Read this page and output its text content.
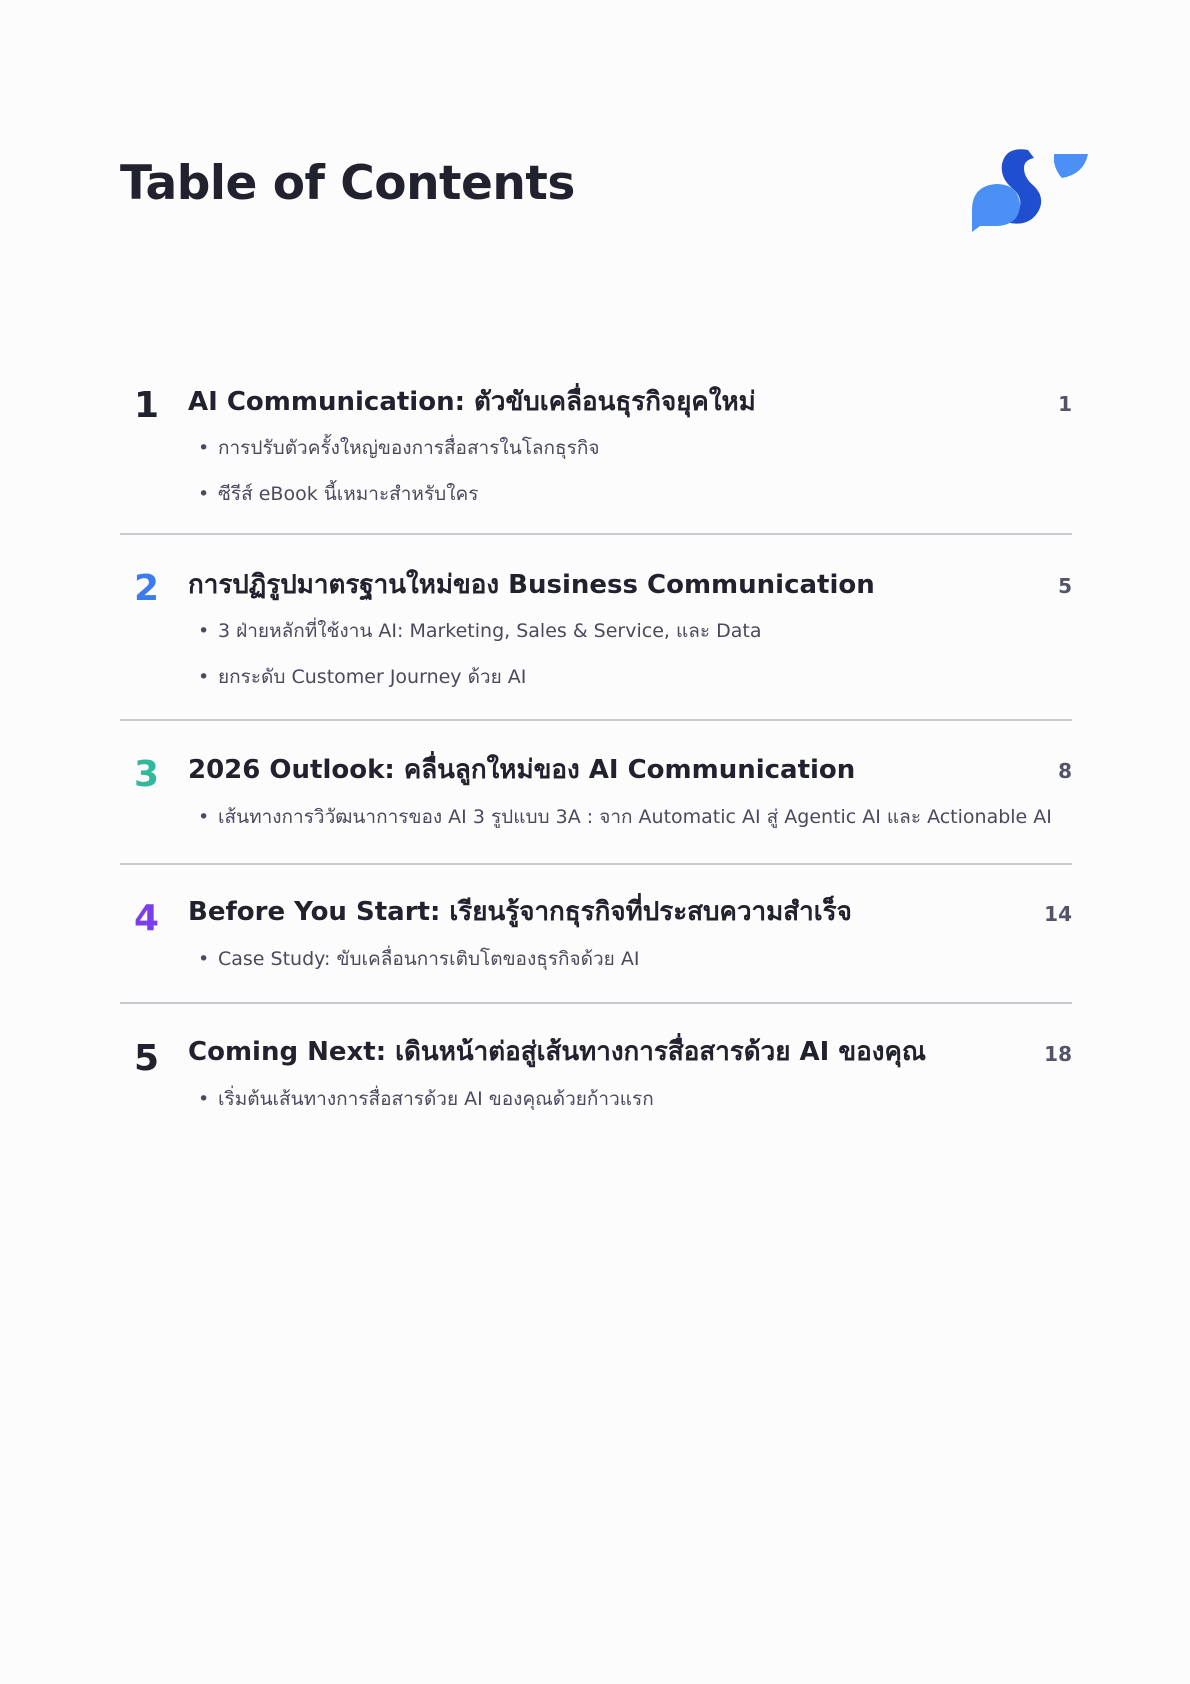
Table of Contents
1 AI Communication: ตัวขับเคลื่อนธุรกิจยุคใหม่	1
• การปรับตัวครั้งใหญ่ของการสื่อสารในโลกธุรกิจ
• ซีรีส์ eBook นี้เหมาะสำหรับใคร
2 การปฏิรูปมาตรฐานใหม่ของ Business Communication	5
• 3 ฝ่ายหลักที่ใช้งาน AI: Marketing, Sales & Service, และ Data
• ยกระดับ Customer Journey ด้วย AI
3 2026 Outlook: คลื่นลูกใหม่ของ AI Communication	8
• เส้นทางการวิวัฒนาการของ AI 3 รูปแบบ 3A : จาก Automatic AI สู่ Agentic AI และ Actionable AI
4 Before You Start: เรียนรู้จากธุรกิจที่ประสบความสำเร็จ	14
• Case Study: ขับเคลื่อนการเติบโตของธุรกิจด้วย AI
5 Coming Next: เดินหน้าต่อสู่เส้นทางการสื่อสารด้วย AI ของคุณ	18
• เริ่มต้นเส้นทางการสื่อสารด้วย AI ของคุณด้วยก้าวแรก
